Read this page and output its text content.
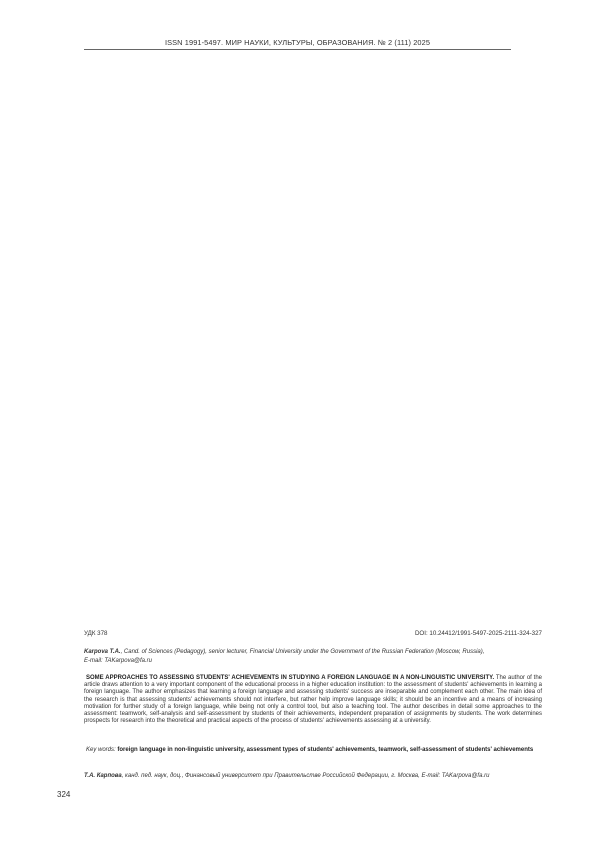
ISSN 1991-5497. МИР НАУКИ, КУЛЬТУРЫ, ОБРАЗОВАНИЯ. № 2 (111) 2025
УДК 378	DOI: 10.24412/1991-5497-2025-2111-324-327
Karpova T.A., Cand. of Sciences (Pedagogy), senior lecturer, Financial University under the Government of the Russian Federation (Moscow, Russia),
E-mail: TAKarpova@fa.ru

SOME APPROACHES TO ASSESSING STUDENTS' ACHIEVEMENTS IN STUDYING A FOREIGN LANGUAGE IN A NON-LINGUISTIC UNIVERSITY. The author of the article draws attention to a very important component of the educational process in a higher education institution: to the assessment of students' achievements in learning a foreign language. The author emphasizes that learning a foreign language and assessing students' success are inseparable and complement each other. The main idea of the research is that assessing students' achievements should not interfere, but rather help improve language skills; it should be an incentive and a means of increasing motivation for further study of a foreign language, while being not only a control tool, but also a teaching tool. The author describes in detail some approaches to the assessment: teamwork, self-analysis and self-assessment by students of their achievements, independent preparation of assignments by students. The work determines prospects for research into the theoretical and practical aspects of the process of students' achievements assessing at a university.

Key words: foreign language in non-linguistic university, assessment types of students' achievements, teamwork, self-assessment of students' achievements
Т.А. Карпова, канд. пед. наук, доц., Финансовый университет при Правительстве Российской Федерации, г. Москва, E-mail: TAKarpova@fa.ru
324
